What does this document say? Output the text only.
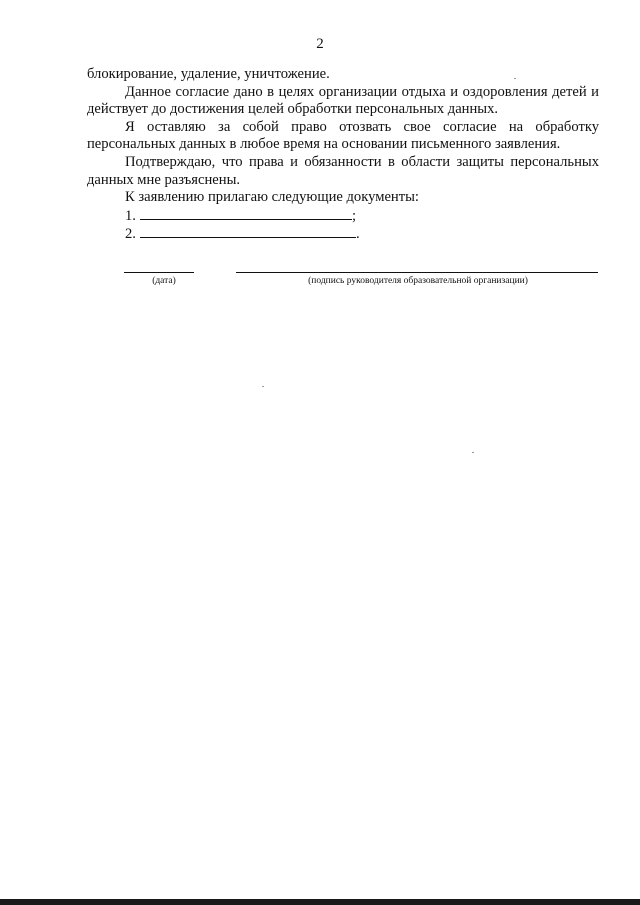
2

блокирование, удаление, уничтожение.

Данное согласие дано в целях организации отдыха и оздоровления детей и действует до достижения целей обработки персональных данных.

Я оставляю за собой право отозвать свое согласие на обработку персональных данных в любое время на основании письменного заявления.

Подтверждаю, что права и обязанности в области защиты персональных данных мне разъяснены.

К заявлению прилагаю следующие документы:

1.	;

2.	.

(дата)	(подпись руководителя образовательной организации)
